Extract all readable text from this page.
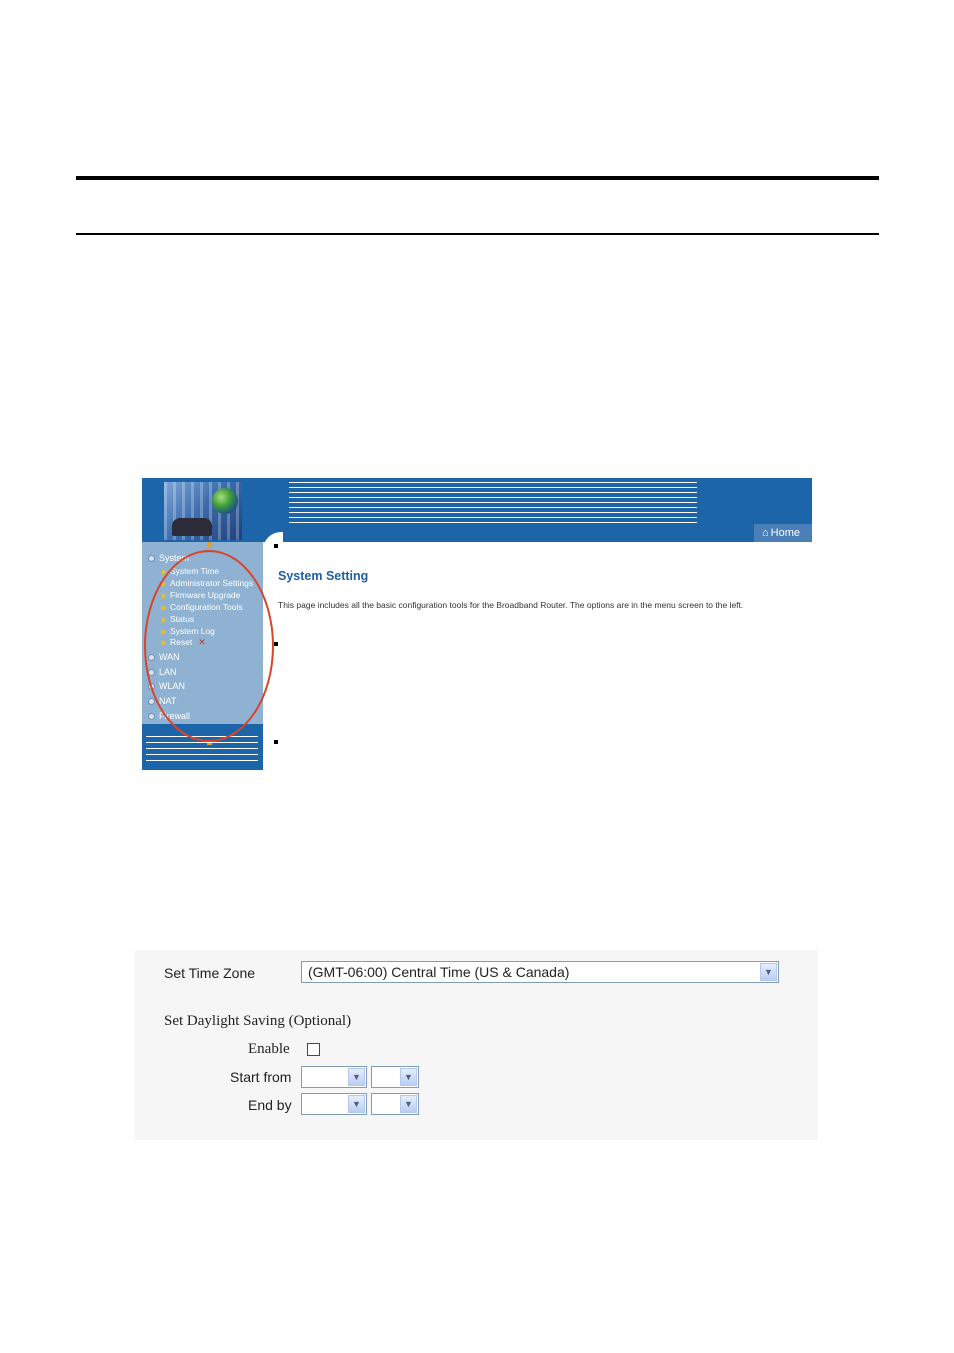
⌂ Home
System
System Time
Administrator Settings
Firmware Upgrade
Configuration Tools
Status
System Log
Reset ✕
WAN
LAN
WLAN
NAT
Firewall
System Setting
This page includes all the basic configuration tools for the Broadband Router. The options are in the menu screen to the left.
Set Time Zone	(GMT-06:00) Central Time (US & Canada)	▼
Set Daylight Saving (Optional)
Enable
Start from	▼	▼
End by	▼	▼
